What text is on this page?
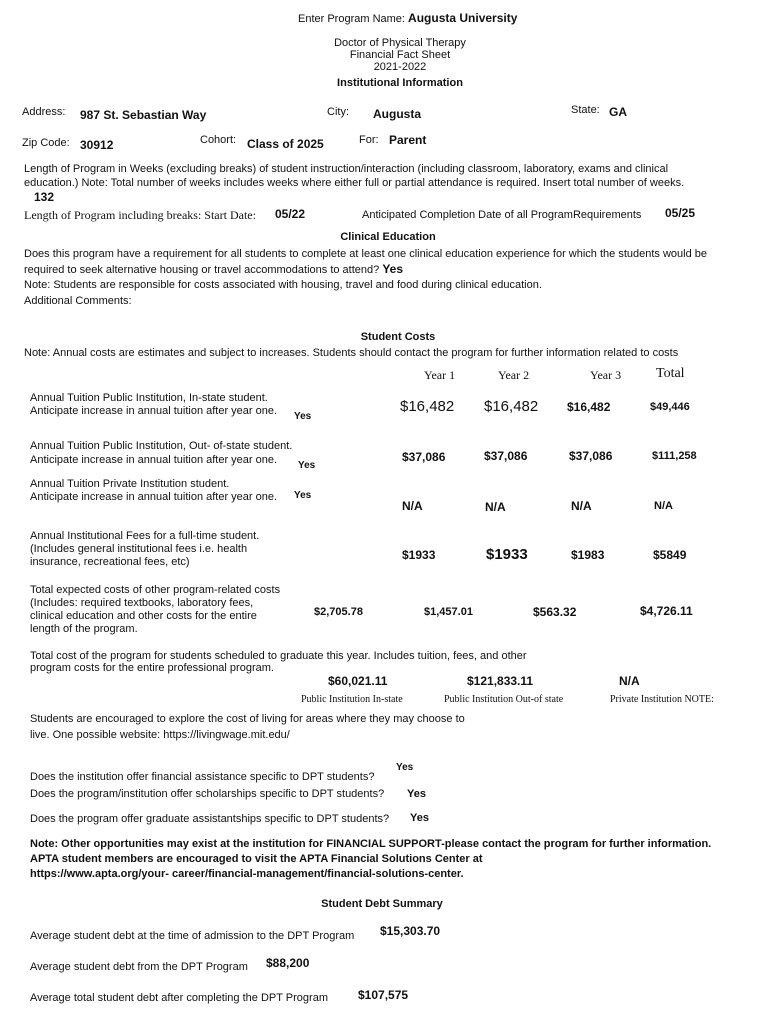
Enter Program Name: Augusta University
Doctor of Physical Therapy
Financial Fact Sheet
2021-2022
Institutional Information
Address: 987 St. Sebastian Way	City: Augusta	State: GA
Zip Code: 30912	Cohort: Class of 2025	For: Parent
Length of Program in Weeks (excluding breaks) of student instruction/interaction (including classroom, laboratory, exams and clinical education.) Note: Total number of weeks includes weeks where either full or partial attendance is required. Insert total number of weeks. 132
Length of Program including breaks: Start Date: 05/22	Anticipated Completion Date of all ProgramRequirements 05/25
Clinical Education
Does this program have a requirement for all students to complete at least one clinical education experience for which the students would be required to seek alternative housing or travel accommodations to attend? Yes
Note: Students are responsible for costs associated with housing, travel and food during clinical education.
Additional Comments:
Student Costs
Note: Annual costs are estimates and subject to increases. Students should contact the program for further information related to costs
Year 1	Year 2	Year 3 Total
Annual Tuition Public Institution, In-state student.
Anticipate increase in annual tuition after year one. Yes
$16,482 $16,482 $16,482	$49,446
Annual Tuition Public Institution, Out- of-state student.
Anticipate increase in annual tuition after year one. Yes
$37,086	$37,086	$37,086	$111,258
Annual Tuition Private Institution student.
Anticipate increase in annual tuition after year one. Yes
N/A	N/A	N/A	N/A
Annual Institutional Fees for a full-time student.
(Includes general institutional fees i.e. health
insurance, recreational fees, etc)	$1933	$1933	$1983	$5849
Total expected costs of other program-related costs
(Includes: required textbooks, laboratory fees,
clinical education and other costs for the entire
length of the program.
$2,705.78	$1,457.01	$563.32	$4,726.11
Total cost of the program for students scheduled to graduate this year. Includes tuition, fees, and other
program costs for the entire professional program.
$60,021.11	$121,833.11	N/A
Public Institution In-state	Public Institution Out-of state	Private Institution NOTE:
Students are encouraged to explore the cost of living for areas where they may choose to
live. One possible website: https://livingwage.mit.edu/
Yes
Does the institution offer financial assistance specific to DPT students?
Does the program/institution offer scholarships specific to DPT students? Yes
Does the program offer graduate assistantships specific to DPT students? Yes
Note: Other opportunities may exist at the institution for FINANCIAL SUPPORT-please contact the program for further information.
APTA student members are encouraged to visit the APTA Financial Solutions Center at
https://www.apta.org/your- career/financial-management/financial-solutions-center.
Student Debt Summary
Average student debt at the time of admission to the DPT Program $15,303.70
Average student debt from the DPT Program $88,200
Average total student debt after completing the DPT Program	$107,575
